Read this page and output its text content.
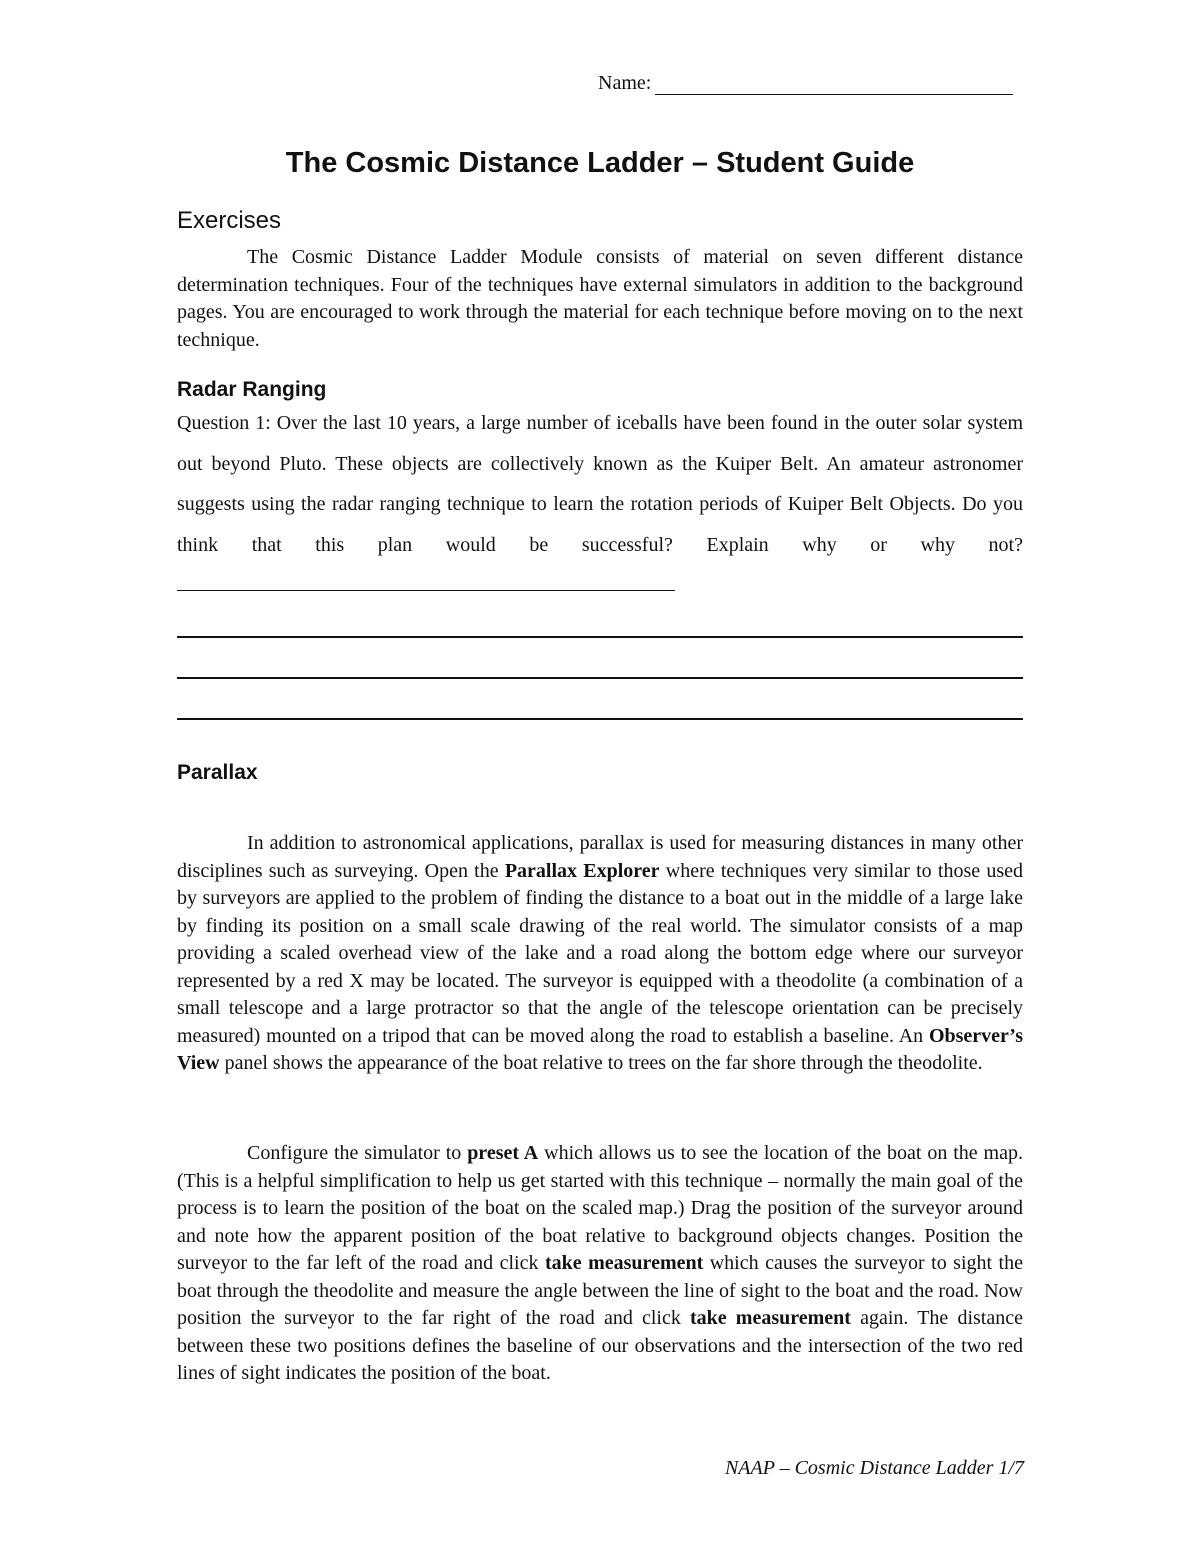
Name:
The Cosmic Distance Ladder – Student Guide
Exercises
The Cosmic Distance Ladder Module consists of material on seven different distance determination techniques. Four of the techniques have external simulators in addition to the background pages. You are encouraged to work through the material for each technique before moving on to the next technique.
Radar Ranging
Question 1: Over the last 10 years, a large number of iceballs have been found in the outer solar system out beyond Pluto. These objects are collectively known as the Kuiper Belt. An amateur astronomer suggests using the radar ranging technique to learn the rotation periods of Kuiper Belt Objects. Do you think that this plan would be successful? Explain why or why not?
Parallax
In addition to astronomical applications, parallax is used for measuring distances in many other disciplines such as surveying. Open the Parallax Explorer where techniques very similar to those used by surveyors are applied to the problem of finding the distance to a boat out in the middle of a large lake by finding its position on a small scale drawing of the real world. The simulator consists of a map providing a scaled overhead view of the lake and a road along the bottom edge where our surveyor represented by a red X may be located. The surveyor is equipped with a theodolite (a combination of a small telescope and a large protractor so that the angle of the telescope orientation can be precisely measured) mounted on a tripod that can be moved along the road to establish a baseline. An Observer’s View panel shows the appearance of the boat relative to trees on the far shore through the theodolite.
Configure the simulator to preset A which allows us to see the location of the boat on the map. (This is a helpful simplification to help us get started with this technique – normally the main goal of the process is to learn the position of the boat on the scaled map.) Drag the position of the surveyor around and note how the apparent position of the boat relative to background objects changes. Position the surveyor to the far left of the road and click take measurement which causes the surveyor to sight the boat through the theodolite and measure the angle between the line of sight to the boat and the road. Now position the surveyor to the far right of the road and click take measurement again. The distance between these two positions defines the baseline of our observations and the intersection of the two red lines of sight indicates the position of the boat.
NAAP – Cosmic Distance Ladder 1/7
